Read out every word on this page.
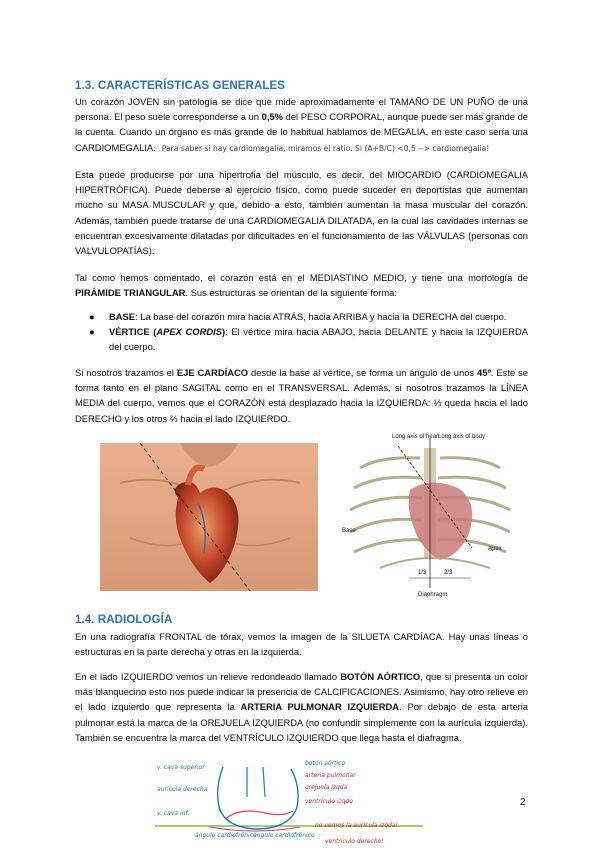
1.3. CARACTERÍSTICAS GENERALES
Un corazón JOVEN sin patología se dice que mide aproximadamente el TAMAÑO DE UN PUÑO de una persona. El peso suele corresponderse a un 0,5% del PESO CORPORAL, aunque puede ser más grande de la cuenta. Cuando un órgano es más grande de lo habitual hablamos de MEGALIA, en este caso sería una CARDIOMEGALIA. Para saber si hay cardiomegalia, miramos el ratio. Si (A+B/C) <0,5 --> cardiomegalia!
Esta puede producirse por una hipertrofia del músculo, es decir, del MIOCARDIO (CARDIOMEGALIA HIPERTRÓFICA). Puede deberse al ejercicio físico, como puede suceder en deportistas que aumentan mucho su MASA MUSCULAR y que, debido a esto, también aumentan la masa muscular del corazón. Además, también puede tratarse de una CARDIOMEGALIA DILATADA, en la cual las cavidades internas se encuentran excesivamente dilatadas por dificultades en el funcionamiento de las VÁLVULAS (personas con VALVULOPATÍAS).
Tal como hemos comentado, el corazón está en el MEDIASTINO MEDIO, y tiene una morfología de PIRÁMIDE TRIANGULAR. Sus estructuras se orientan de la siguiente forma:
● BASE: La base del corazón mira hacia ATRÁS, hacia ARRIBA y hacia la DERECHA del cuerpo.
● VÉRTICE (APEX CORDIS): El vértice mira hacia ABAJO, hacia DELANTE y hacia la IZQUIERDA del cuerpo.
Si nosotros trazamos el EJE CARDÍACO desde la base al vértice, se forma un ángulo de unos 45º. Este se forma tanto en el plano SAGITAL como en el TRANSVERSAL. Además, si nosotros trazamos la LÍNEA MEDIA del cuerpo, vemos que el CORAZÓN está desplazado hacia la IZQUIERDA: ⅓ queda hacia el lado DERECHO y los otros ⅔ hacia el lado IZQUIERDO.
Long axis of heart
Long axis of body
Base
Apex
Diaphragm
1/3	2/3
1.4. RADIOLOGÍA
En una radiografía FRONTAL de tórax, vemos la imagen de la SILUETA CARDÍACA. Hay unas líneas o estructuras en la parte derecha y otras en la izquierda.
En el lado IZQUIERDO vemos un relieve redondeado llamado BOTÓN AÓRTICO, que si presenta un color más blanquecino esto nos puede indicar la presencia de CALCIFICACIONES. Asimismo, hay otro relieve en el lado izquierdo que representa la ARTERIA PULMONAR IZQUIERDA. Por debajo de esta arteria pulmonar está la marca de la OREJUELA IZQUIERDA (no confundir simplemente con la aurícula izquierda). También se encuentra la marca del VENTRÍCULO IZQUIERDO que llega hasta el diafragma.
v. cava superior
aurícula derecha
v. cava inf.
botón aórtico
arteria pulmonar
orejuela izqda
ventrículo izqdo
ángulo cardiofrénico
ángulo cardiofrénico
no vemos la aurícula izqda!
ventrículo derecho!
2
